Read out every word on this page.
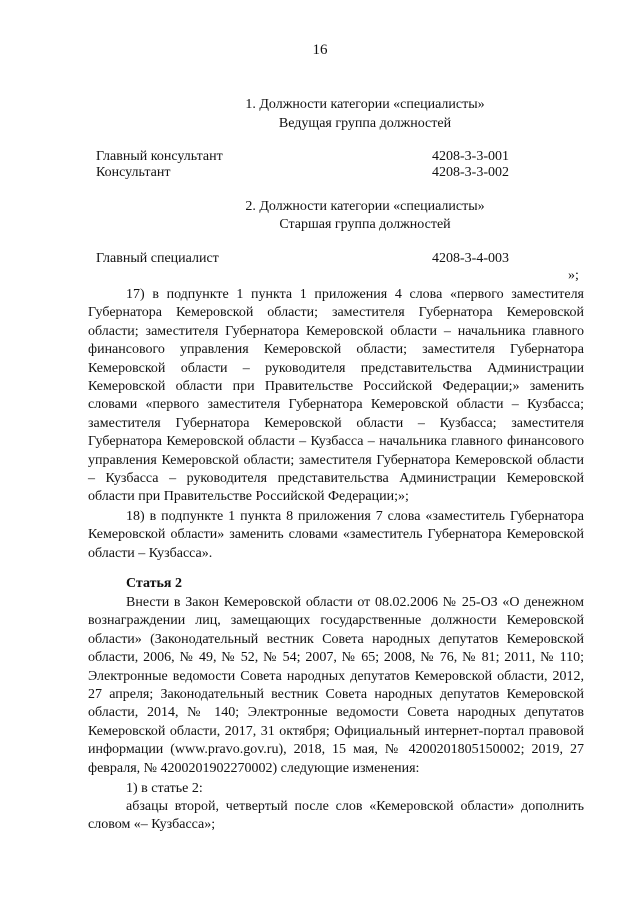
16
1. Должности категории «специалисты»
Ведущая группа должностей
Главный консультант	4208-3-3-001
Консультант	4208-3-3-002
2. Должности категории «специалисты»
Старшая группа должностей
Главный специалист	4208-3-4-003
»;

17) в подпункте 1 пункта 1 приложения 4 слова «первого заместителя Губернатора Кемеровской области; заместителя Губернатора Кемеровской области; заместителя Губернатора Кемеровской области – начальника главного финансового управления Кемеровской области; заместителя Губернатора Кемеровской области – руководителя представительства Администрации Кемеровской области при Правительстве Российской Федерации;» заменить словами «первого заместителя Губернатора Кемеровской области – Кузбасса; заместителя Губернатора Кемеровской области – Кузбасса; заместителя Губернатора Кемеровской области – Кузбасса – начальника главного финансового управления Кемеровской области; заместителя Губернатора Кемеровской области – Кузбасса – руководителя представительства Администрации Кемеровской области при Правительстве Российской Федерации;»;

18) в подпункте 1 пункта 8 приложения 7 слова «заместитель Губернатора Кемеровской области» заменить словами «заместитель Губернатора Кемеровской области – Кузбасса».

Статья 2

Внести в Закон Кемеровской области от 08.02.2006 № 25-ОЗ «О денежном вознаграждении лиц, замещающих государственные должности Кемеровской области» (Законодательный вестник Совета народных депутатов Кемеровской области, 2006, № 49, № 52, № 54; 2007, № 65; 2008, № 76, № 81; 2011, № 110; Электронные ведомости Совета народных депутатов Кемеровской области, 2012, 27 апреля; Законодательный вестник Совета народных депутатов Кемеровской области, 2014, № 140; Электронные ведомости Совета народных депутатов Кемеровской области, 2017, 31 октября; Официальный интернет-портал правовой информации (www.pravo.gov.ru), 2018, 15 мая, № 4200201805150002; 2019, 27 февраля, № 4200201902270002) следующие изменения:

1) в статье 2:

абзацы второй, четвертый после слов «Кемеровской области» дополнить словом «– Кузбасса»;
